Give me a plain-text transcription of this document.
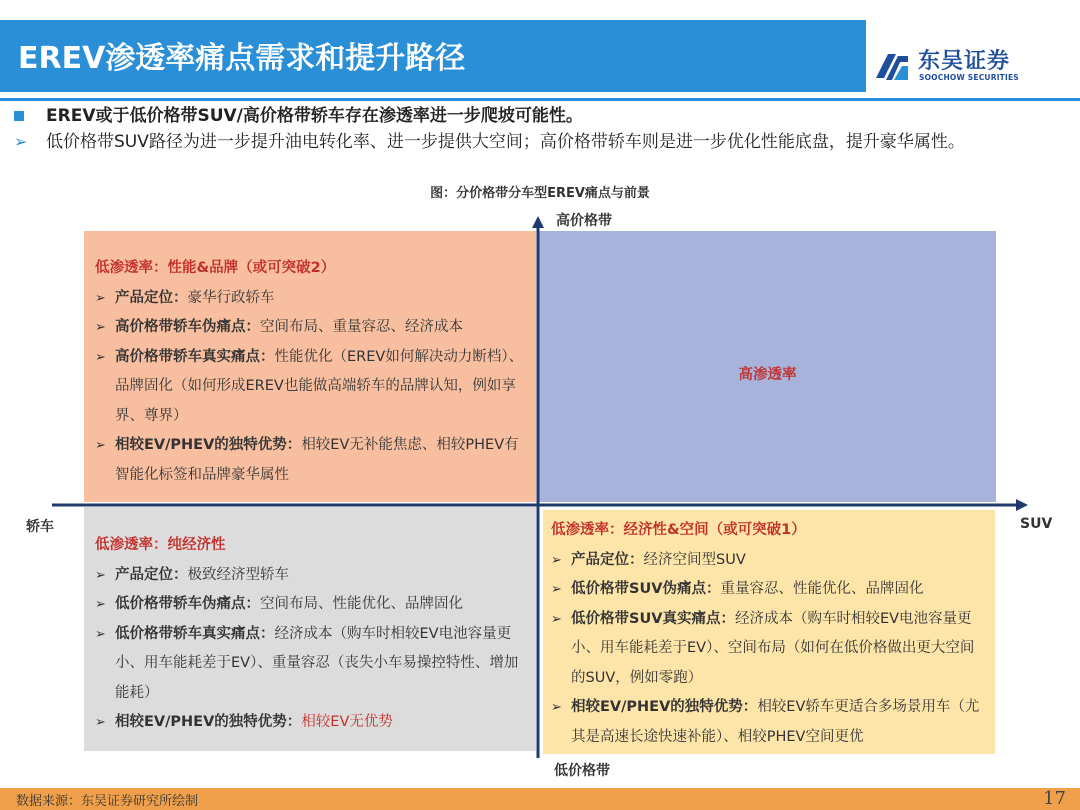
EREV渗透率痛点需求和提升路径	东吴证券
SOOCHOW SECURITIES
EREV或于低价格带SUV/高价格带轿车存在渗透率进一步爬坡可能性。
➢	低价格带SUV路径为进一步提升油电转化率、进一步提供大空间；高价格带轿车则是进一步优化性能底盘，提升豪华属性。
图：分价格带分车型EREV痛点与前景
高价格带
低价格带
轿车	SUV
低渗透率：性能&品牌（或可突破2）
➢ 产品定位：豪华行政轿车
➢ 高价格带轿车伪痛点：空间布局、重量容忍、经济成本
➢ 高价格带轿车真实痛点：性能优化（EREV如何解决动力断档）、品牌固化（如何形成EREV也能做高端轿车的品牌认知，例如享界、尊界）
➢ 相较EV/PHEV的独特优势：相较EV无补能焦虑、相较PHEV有智能化标签和品牌豪华属性
高渗透率
低渗透率：纯经济性
➢ 产品定位：极致经济型轿车
➢ 低价格带轿车伪痛点：空间布局、性能优化、品牌固化
➢ 低价格带轿车真实痛点：经济成本（购车时相较EV电池容量更小、用车能耗差于EV）、重量容忍（丧失小车易操控特性、增加能耗）
➢ 相较EV/PHEV的独特优势：相较EV无优势
低渗透率：经济性&空间（或可突破1）
➢ 产品定位：经济空间型SUV
➢ 低价格带SUV伪痛点：重量容忍、性能优化、品牌固化
➢ 低价格带SUV真实痛点：经济成本（购车时相较EV电池容量更小、用车能耗差于EV）、空间布局（如何在低价格做出更大空间的SUV，例如零跑）
➢ 相较EV/PHEV的独特优势：相较EV轿车更适合多场景用车（尤其是高速长途快速补能）、相较PHEV空间更优
数据来源：东吴证券研究所绘制	17
